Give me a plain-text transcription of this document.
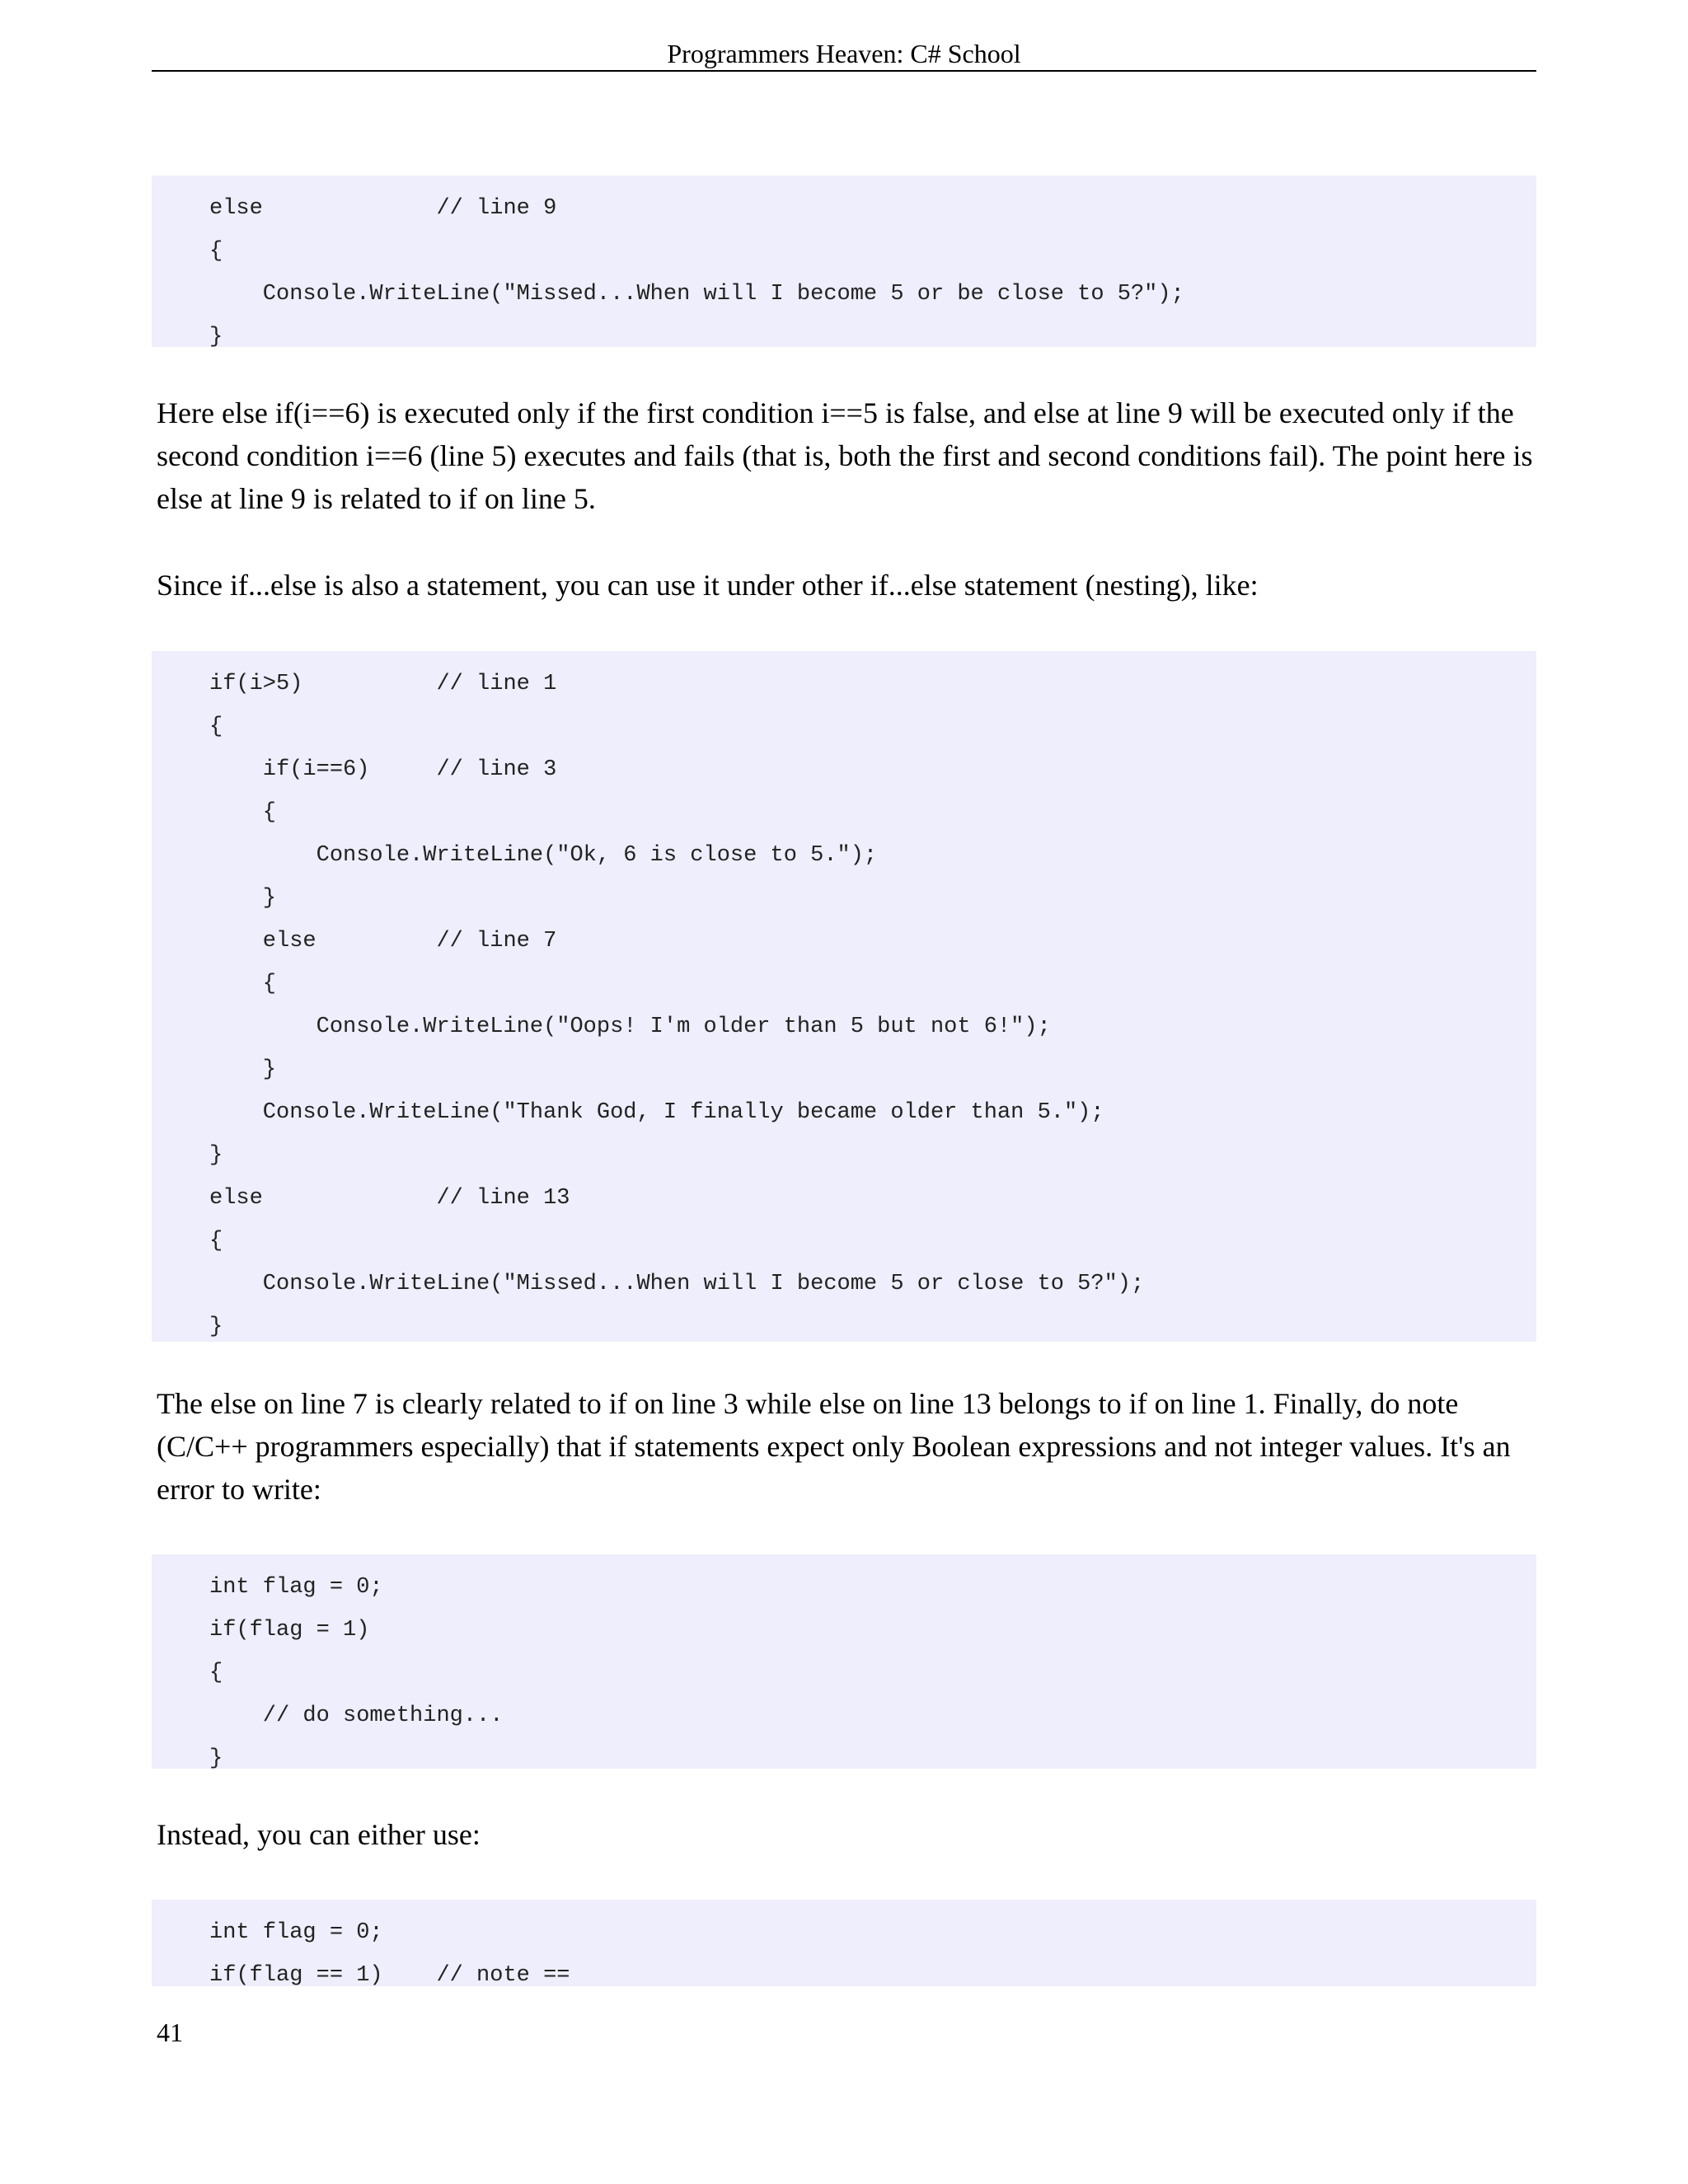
Programmers Heaven: C# School
else             // line 9
{
Console.WriteLine("Missed...When will I become 5 or be close to 5?");
}

Here else if(i==6) is executed only if the first condition i==5 is false, and else at line 9 will be executed only if the second condition i==6 (line 5) executes and fails (that is, both the first and second conditions fail). The point here is else at line 9 is related to if on line 5.

Since if...else is also a statement, you can use it under other if...else statement (nesting), like:

if(i>5)          // line 1
{
if(i==6)     // line 3
{
Console.WriteLine("Ok, 6 is close to 5.");
}
else         // line 7
{
Console.WriteLine("Oops! I'm older than 5 but not 6!");
}
Console.WriteLine("Thank God, I finally became older than 5.");
}
else             // line 13
{
Console.WriteLine("Missed...When will I become 5 or close to 5?");
}

The else on line 7 is clearly related to if on line 3 while else on line 13 belongs to if on line 1. Finally, do note (C/C++ programmers especially) that if statements expect only Boolean expressions and not integer values. It's an error to write:

int flag = 0;
if(flag = 1)
{
// do something...
}

Instead, you can either use:

int flag = 0;
if(flag == 1)    // note ==
41
